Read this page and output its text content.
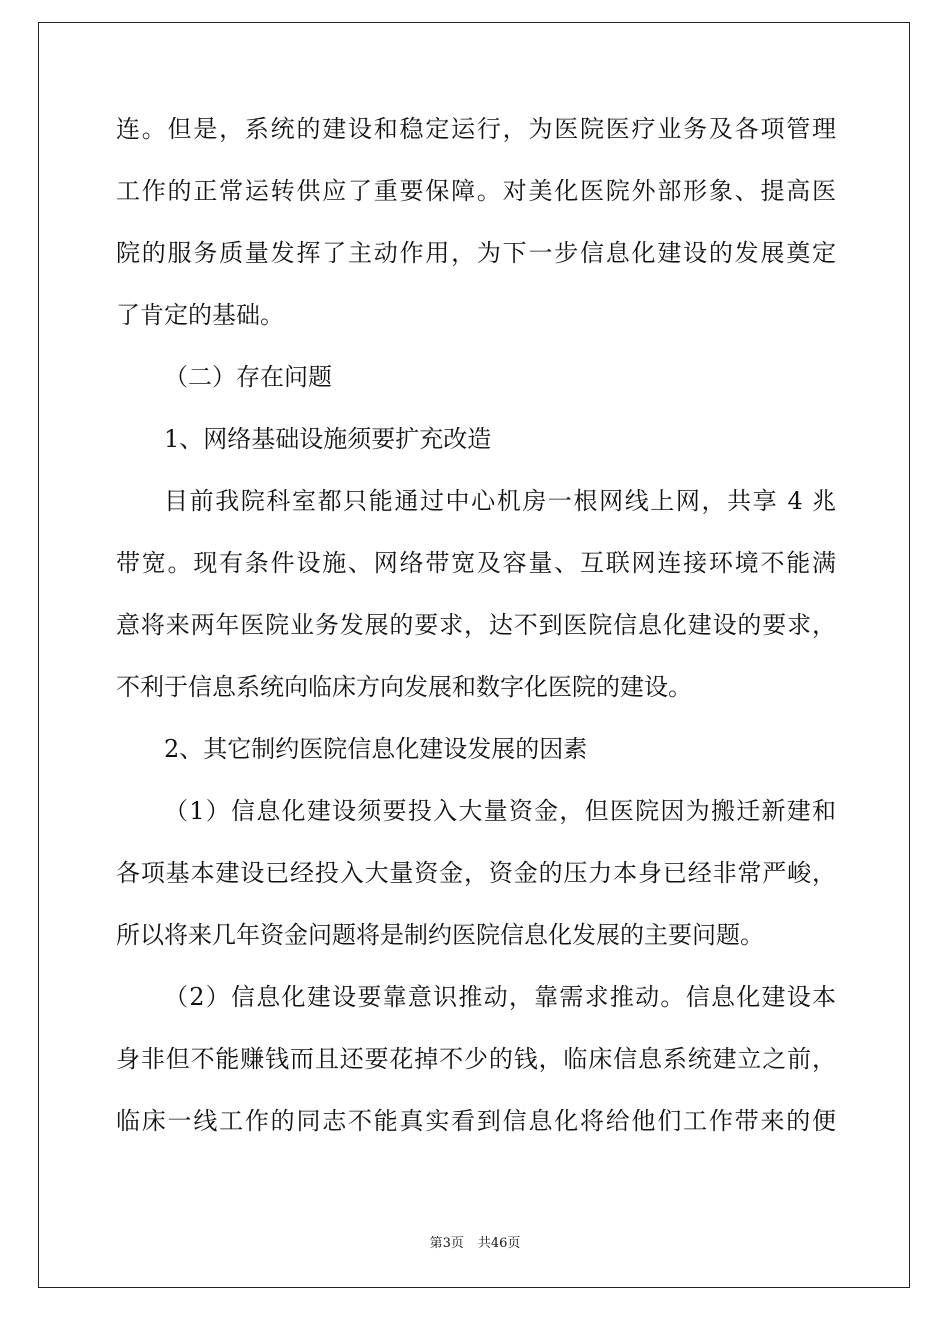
连。但是，系统的建设和稳定运行，为医院医疗业务及各项管理
工作的正常运转供应了重要保障。对美化医院外部形象、提高医
院的服务质量发挥了主动作用，为下一步信息化建设的发展奠定
了肯定的基础。
（二）存在问题
1、网络基础设施须要扩充改造
目前我院科室都只能通过中心机房一根网线上网，共享 4 兆
带宽。现有条件设施、网络带宽及容量、互联网连接环境不能满
意将来两年医院业务发展的要求，达不到医院信息化建设的要求，
不利于信息系统向临床方向发展和数字化医院的建设。
2、其它制约医院信息化建设发展的因素
（1）信息化建设须要投入大量资金，但医院因为搬迁新建和
各项基本建设已经投入大量资金，资金的压力本身已经非常严峻，
所以将来几年资金问题将是制约医院信息化发展的主要问题。
（2）信息化建设要靠意识推动，靠需求推动。信息化建设本
身非但不能赚钱而且还要花掉不少的钱，临床信息系统建立之前，
临床一线工作的同志不能真实看到信息化将给他们工作带来的便
第3页 共46页
